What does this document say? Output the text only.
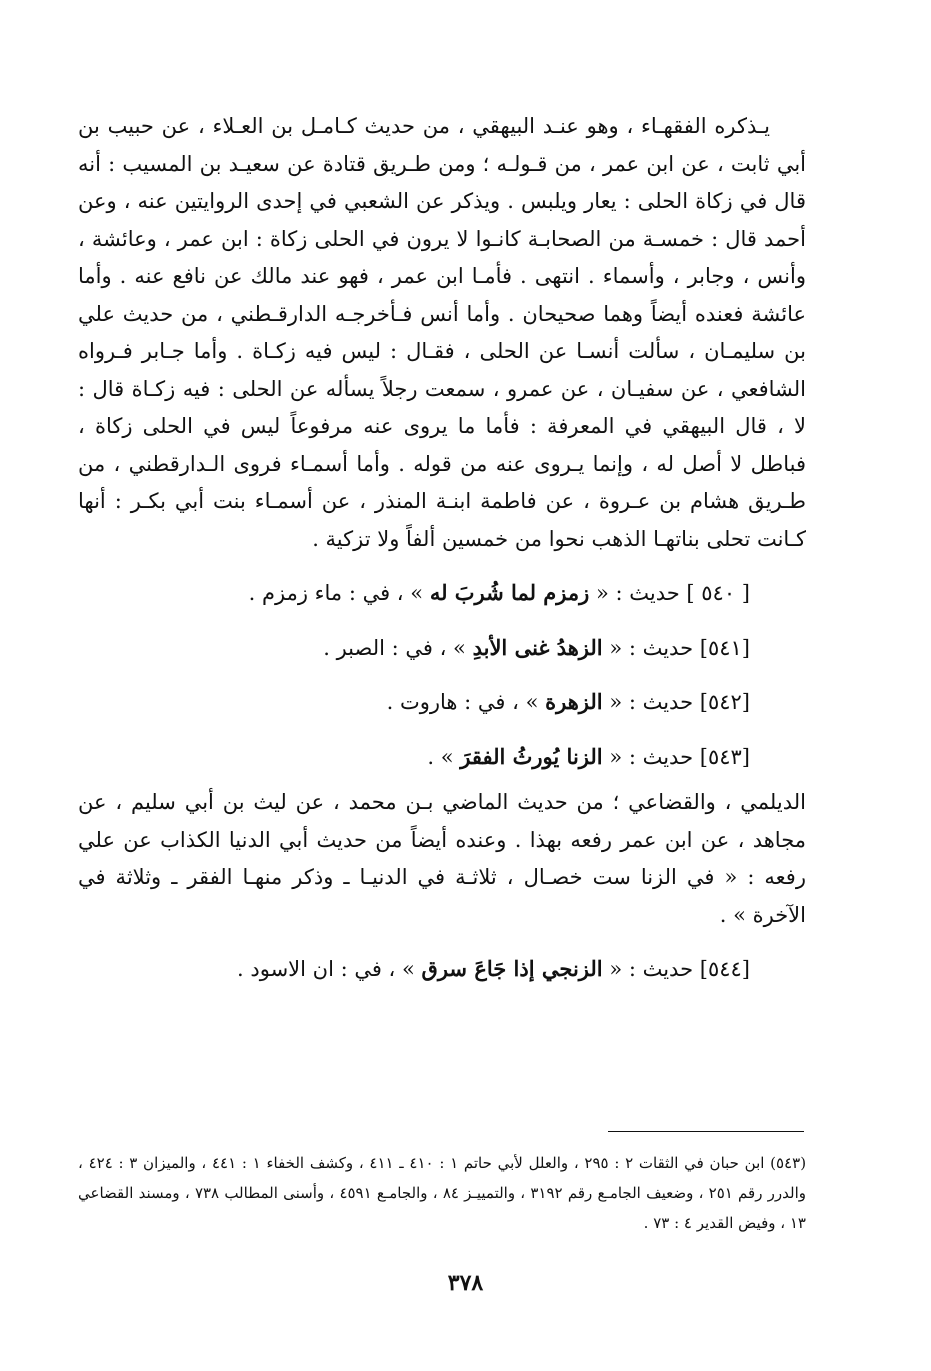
يـذكره الفقهـاء ، وهو عنـد البيهقي ، من حديث كـامـل بن العـلاء ، عن حبيب بن أبي ثابت ، عن ابن عمر ، من قـولـه ؛ ومن طـريق قتادة عن سعيـد بن المسيب : أنه قال في زكاة الحلى : يعار ويلبس . ويذكر عن الشعبي في إحدى الروايتين عنه ، وعن أحمد قال : خمسـة من الصحابـة كانـوا لا يرون في الحلى زكاة : ابن عمر ، وعائشة ، وأنس ، وجابر ، وأسماء . انتهى . فأمـا ابن عمر ، فهو عند مالك عن نافع عنه . وأما عائشة فعنده أيضاً وهما صحيحان . وأما أنس فـأخرجـه الدارقـطني ، من حديث علي بن سليمـان ، سألت أنسـا عن الحلى ، فقـال : ليس فيه زكـاة . وأما جـابر فـرواه الشافعي ، عن سفيـان ، عن عمرو ، سمعت رجلاً يسأله عن الحلى : فيه زكـاة قال : لا ، قال البيهقي في المعرفة : فأما ما يروى عنه مرفوعاً ليس في الحلى زكاة ، فباطل لا أصل له ، وإنما يـروى عنه من قوله . وأما أسمـاء فروى الـدارقطني ، من طـريق هشام بن عـروة ، عن فاطمة ابنـة المنذر ، عن أسمـاء بنت أبي بكـر : أنها كـانت تحلى بناتهـا الذهب نحوا من خمسين ألفاً ولا تزكية .

[ ٥٤٠ ] حديث : « زمزم لما شُربَ له » ، في : ماء زمزم .
[٥٤١] حديث : « الزهدُ غنى الأبدِ » ، في : الصبر .
[٥٤٢] حديث : « الزهرة » ، في : هاروت .
[٥٤٣] حديث : « الزنا يُورثُ الفقرَ » .

الديلمي ، والقضاعي ؛ من حديث الماضي بـن محمد ، عن ليث بن أبي سليم ، عن مجاهد ، عن ابن عمر رفعه بهذا . وعنده أيضاً من حديث أبي الدنيا الكذاب عن علي رفعه : « في الزنا ست خصـال ، ثلاثـة في الدنيـا ـ وذكر منهـا الفقر ـ وثلاثة في الآخرة » .

[٥٤٤] حديث : « الزنجي إذا جَاعَ سرق » ، في : ان الاسود .

(٥٤٣) ابن حبان في الثقات ٢ : ٢٩٥ ، والعلل لأبي حاتم ١ : ٤١٠ ـ ٤١١ ، وكشف الخفاء ١ : ٤٤١ ، والميزان ٣ : ٤٢٤ ، والدرر رقم ٢٥١ ، وضعيف الجامـع رقم ٣١٩٢ ، والتمييـز ٨٤ ، والجامـع ٤٥٩١ ، وأسنى المطالب ٧٣٨ ، ومسند القضاعي ١٣ ، وفيض القدير ٤ : ٧٣ .

٣٧٨
